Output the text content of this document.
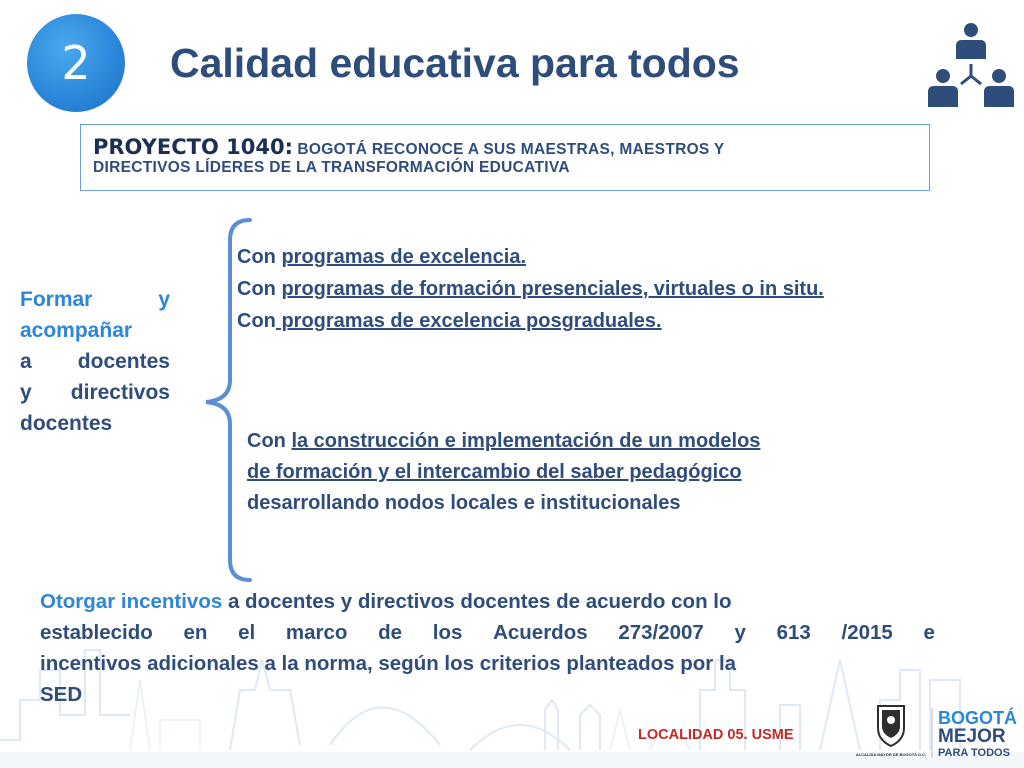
2 Calidad educativa para todos
PROYECTO 1040: BOGOTÁ RECONOCE A SUS MAESTRAS, MAESTROS Y
DIRECTIVOS LÍDERES DE LA TRANSFORMACIÓN EDUCATIVA
Formar	y
acompañar
a docentes
y directivos
docentes
Con programas de excelencia.
Con programas de formación presenciales, virtuales o in situ.
Con programas de excelencia posgraduales.
Con la construcción e implementación de un modelos
de formación y el intercambio del saber pedagógico
desarrollando nodos locales e institucionales
Otorgar incentivos a docentes y directivos docentes de acuerdo con lo
establecido en el marco de los Acuerdos 273/2007 y 613 /2015 e
incentivos adicionales a la norma, según los criterios planteados por la
SED
LOCALIDAD 05. USME
ALCALDÍA MAYOR DE BOGOTÁ D.C.
BOGOTÁ
MEJOR
PARA TODOS
